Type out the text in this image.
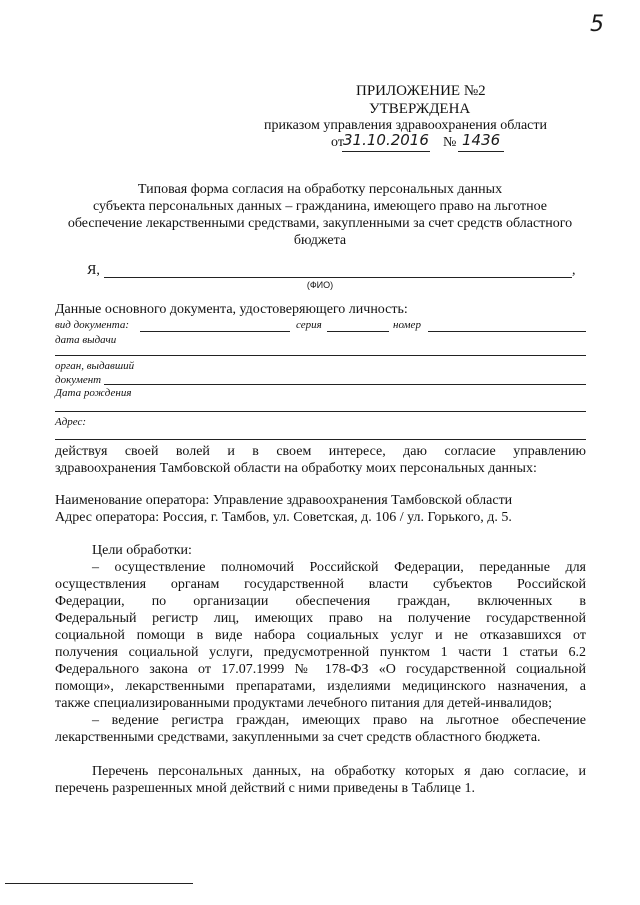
5
ПРИЛОЖЕНИЕ №2
УТВЕРЖДЕНА
приказом управления здравоохранения области
от 31.10.2016 № 1436
Типовая форма согласия на обработку персональных данных
субъекта персональных данных – гражданина, имеющего право на льготное
обеспечение лекарственными средствами, закупленными за счет средств областного
бюджета
Я,	,
(ФИО)
Данные основного документа, удостоверяющего личность:
вид документа:	серия	номер
дата выдачи
орган, выдавший
документ
Дата рождения
Адрес:
действуя своей волей и в своем интересе, даю согласие управлению
здравоохранения Тамбовской области на обработку моих персональных данных:
Наименование оператора: Управление здравоохранения Тамбовской области
Адрес оператора: Россия, г. Тамбов, ул. Советская, д. 106 / ул. Горького, д. 5.
Цели обработки:
– осуществление полномочий Российской Федерации, переданные для
осуществления органам государственной власти субъектов Российской
Федерации, по организации обеспечения граждан, включенных в
Федеральный регистр лиц, имеющих право на получение государственной
социальной помощи в виде набора социальных услуг и не отказавшихся от
получения социальной услуги, предусмотренной пунктом 1 части 1 статьи 6.2
Федерального закона от 17.07.1999 № 178-ФЗ «О государственной социальной
помощи», лекарственными препаратами, изделиями медицинского назначения, а
также специализированными продуктами лечебного питания для детей-инвалидов;
– ведение регистра граждан, имеющих право на льготное обеспечение
лекарственными средствами, закупленными за счет средств областного бюджета.
Перечень персональных данных, на обработку которых я даю согласие, и
перечень разрешенных мной действий с ними приведены в Таблице 1.
